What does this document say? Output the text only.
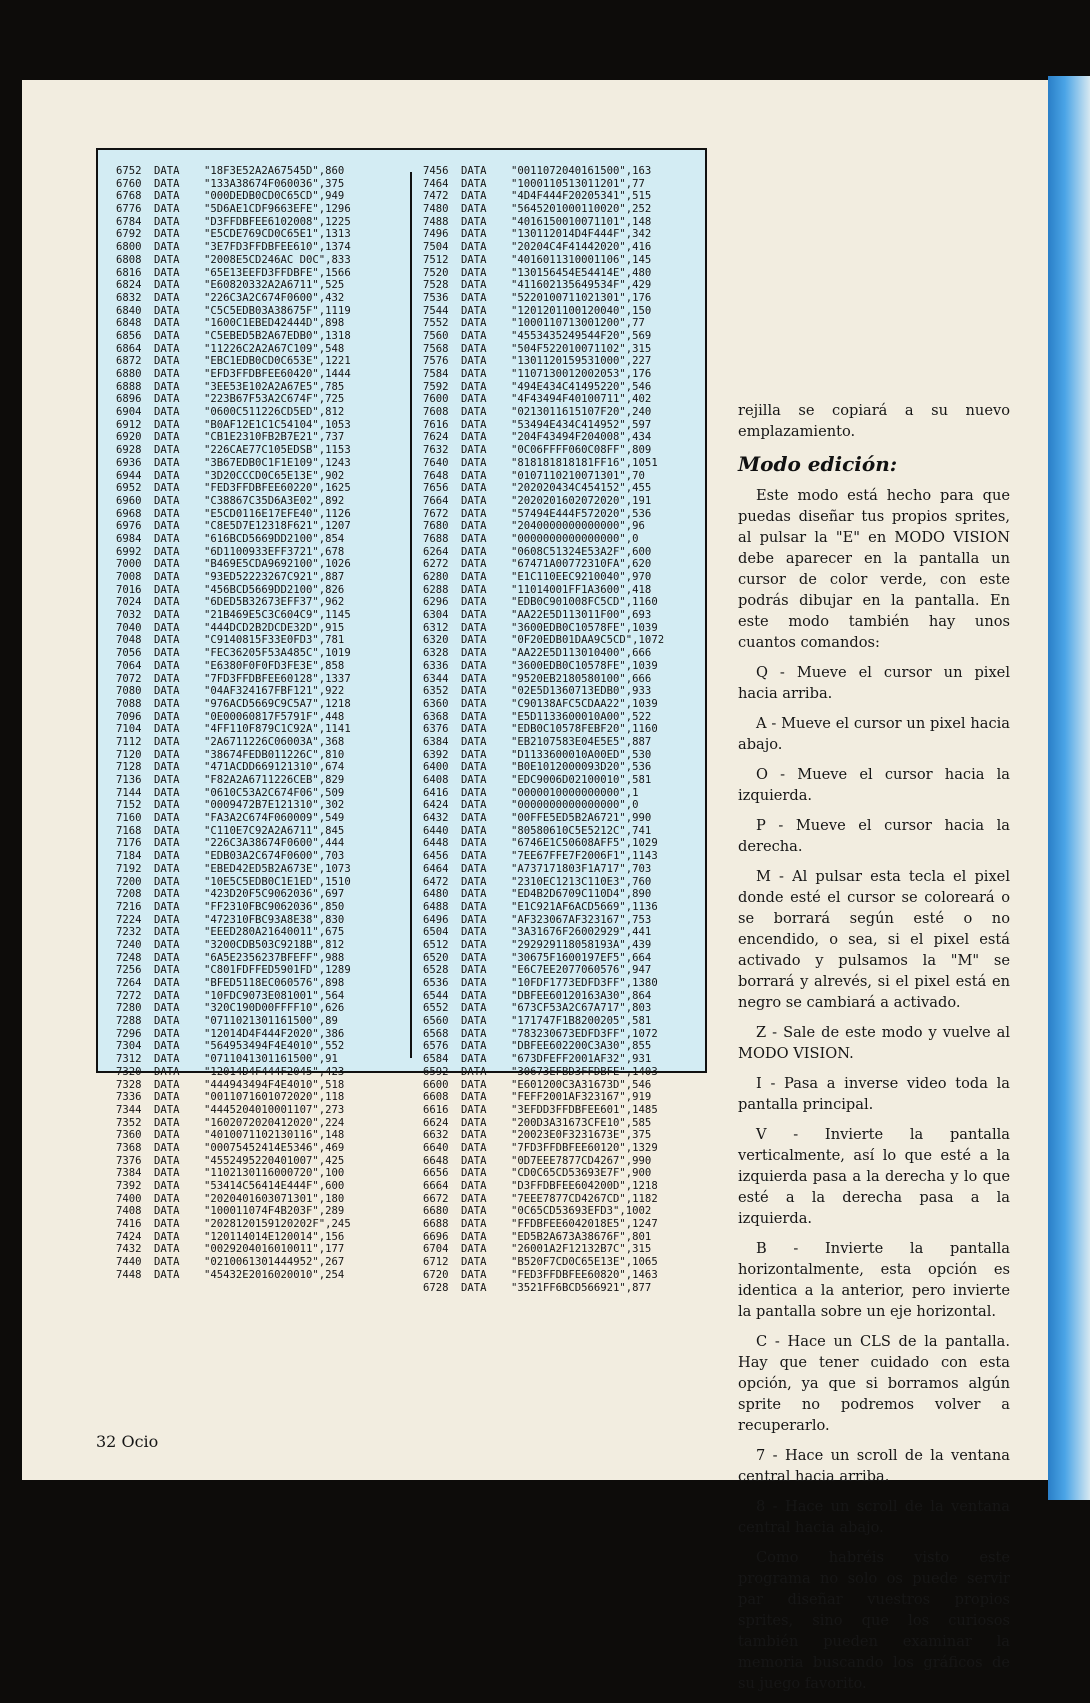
6752 DATA "18F3E52A2A67545D",860
6760 DATA "133A38674F060036",375
6768 DATA "000DEDB0CD0C65CD",949
6776 DATA "5D6AE1CDF9663EFE",1296
6784 DATA "D3FFDBFEE6102008",1225
6792 DATA "E5CDE769CD0C65E1",1313
6800 DATA "3E7FD3FFDBFEE610",1374
6808 DATA "2008E5CD246AC D0C",833
6816 DATA "65E13EEFD3FFDBFE",1566
6824 DATA "E60820332A2A6711",525
6832 DATA "226C3A2C674F0600",432
6840 DATA "C5C5EDB03A38675F",1119
6848 DATA "1600C1EBED42444D",898
6856 DATA "C5EBED5B2A67EDB0",1318
6864 DATA "11226C2A2A67C109",548
6872 DATA "EBC1EDB0CD0C653E",1221
6880 DATA "EFD3FFDBFEE60420",1444
6888 DATA "3EE53E102A2A67E5",785
6896 DATA "223B67F53A2C674F",725
6904 DATA "0600C511226CD5ED",812
6912 DATA "B0AF12E1C1C54104",1053
6920 DATA "CB1E2310FB2B7E21",737
6928 DATA "226CAE77C105EDSB",1153
6936 DATA "3B67EDB0C1F1E109",1243
6944 DATA "3D20CCCD0C65E13E",902
6952 DATA "FED3FFDBFEE60220",1625
6960 DATA "C38867C35D6A3E02",892
6968 DATA "E5CD0116E17EFE40",1126
6976 DATA "C8E5D7E12318F621",1207
6984 DATA "616BCD5669DD2100",854
6992 DATA "6D1100933EFF3721",678
7000 DATA "B469E5CDA9692100",1026
7008 DATA "93ED52223267C921",887
7016 DATA "456BCD5669DD2100",826
7024 DATA "6DED5B32673EFF37",962
7032 DATA "21B469E5C3C604C9",1145
7040 DATA "444DCD2B2DCDE32D",915
7048 DATA "C9140815F33E0FD3",781
7056 DATA "FEC36205F53A485C",1019
7064 DATA "E6380F0F0FD3FE3E",858
7072 DATA "7FD3FFDBFEE60128",1337
7080 DATA "04AF324167FBF121",922
7088 DATA "976ACD5669C9C5A7",1218
7096 DATA "0E00060817F5791F",448
7104 DATA "4FF110F879C1C92A",1141
7112 DATA "2A6711226C06003A",368
7120 DATA "38674FEDB011226C",810
7128 DATA "471ACDD669121310",674
7136 DATA "F82A2A6711226CEB",829
7144 DATA "0610C53A2C674F06",509
7152 DATA "0009472B7E121310",302
7160 DATA "FA3A2C674F060009",549
7168 DATA "C110E7C92A2A6711",845
7176 DATA "226C3A38674F0600",444
7184 DATA "EDB03A2C674F0600",703
7192 DATA "EBED42ED5B2A673E",1073
7200 DATA "10E5C5EDB0C1E1ED",1510
7208 DATA "423D20F5C9062036",697
7216 DATA "FF2310FBC9062036",850
7224 DATA "472310FBC93A8E38",830
7232 DATA "EEED280A21640011",675
7240 DATA "3200CDB503C9218B",812
7248 DATA "6A5E2356237BFEFF",988
7256 DATA "C801FDFFED5901FD",1289
7264 DATA "BFED5118EC060576",898
7272 DATA "10FDC9073E081001",564
7280 DATA "320C190D00FFFF10",626
7288 DATA "0711021301161500",89
7296 DATA "12014D4F444F2020",386
7304 DATA "564953494F4E4010",552
7312 DATA "0711041301161500",91
7320 DATA "12014D4F444F2045",423
7328 DATA "444943494F4E4010",518
7336 DATA "0011071601072020",118
7344 DATA "4445204010001107",273
7352 DATA "1602072020412020",224
7360 DATA "4010071102130116",148
7368 DATA "00075452414E5346",469
7376 DATA "4552495220401007",425
7384 DATA "1102130116000720",100
7392 DATA "53414C56414E444F",600
7400 DATA "2020401603071301",180
7408 DATA "100011074F4B203F",289
7416 DATA "2028120159120202F",245
7424 DATA "120114014E120014",156
7432 DATA "0029204016010011",177
7440 DATA "0210061301444952",267
7448 DATA "45432E2016020010",254
7456 DATA "0011072040161500",163
7464 DATA "1000110513011201",77
7472 DATA "4D4F444F20205341",515
7480 DATA "5645201000110020",252
7488 DATA "4016150010071101",148
7496 DATA "130112014D4F444F",342
7504 DATA "20204C4F41442020",416
7512 DATA "4016011310001106",145
7520 DATA "130156454E54414E",480
7528 DATA "411602135649534F",429
7536 DATA "5220100711021301",176
7544 DATA "1201201100120040",150
7552 DATA "1000110713001200",77
7560 DATA "4553435249544F20",569
7568 DATA "504F522010071102",315
7576 DATA "1301120159531000",227
7584 DATA "1107130012002053",176
7592 DATA "494E434C41495220",546
7600 DATA "4F43494F40100711",402
7608 DATA "0213011615107F20",240
7616 DATA "53494E434C414952",597
7624 DATA "204F43494F204008",434
7632 DATA "0C06FFFF060C08FF",809
7640 DATA "818181818181FF16",1051
7648 DATA "0107110210071301",70
7656 DATA "202020434C454152",455
7664 DATA "2020201602072020",191
7672 DATA "57494E444F572020",536
7680 DATA "2040000000000000",96
7688 DATA "0000000000000000",0
6264 DATA "0608C51324E53A2F",600
6272 DATA "67471A00772310FA",620
6280 DATA "E1C110EEC9210040",970
6288 DATA "11014001FF1A3600",418
6296 DATA "EDB0C901008FC5CD",1160
6304 DATA "AA22E5D113011F00",693
6312 DATA "3600EDB0C10578FE",1039
6320 DATA "0F20EDB01DAA9C5CD",1072
6328 DATA "AA22E5D113010400",666
6336 DATA "3600EDB0C10578FE",1039
6344 DATA "9520EB2180580100",666
6352 DATA "02E5D1360713EDB0",933
6360 DATA "C90138AFC5CDAA22",1039
6368 DATA "E5D1133600010A00",522
6376 DATA "EDB0C10578FEBF20",1160
6384 DATA "EB2107583E04E5E5",887
6392 DATA "D1133600010A00ED",530
6400 DATA "B0E1012000093D20",536
6408 DATA "EDC9006D02100010",581
6416 DATA "0000010000000000",1
6424 DATA "0000000000000000",0
6432 DATA "00FFE5ED5B2A6721",990
6440 DATA "80580610C5E5212C",741
6448 DATA "6746E1C50608AFF5",1029
6456 DATA "7EE67FFE7F2006F1",1143
6464 DATA "A737171803F1A717",703
6472 DATA "2310EC1213C110E3",760
6480 DATA "ED4B2D6709C110D4",890
6488 DATA "E1C921AF6ACD5669",1136
6496 DATA "AF323067AF323167",753
6504 DATA "3A31676F26002929",441
6512 DATA "292929118058193A",439
6520 DATA "30675F1600197EF5",664
6528 DATA "E6C7EE2077060576",947
6536 DATA "10FDF1773EDFD3FF",1380
6544 DATA "DBFEE60120163A30",864
6552 DATA "673CF53A2C67A717",803
6560 DATA "171747F1B8200205",581
6568 DATA "783230673EDFD3FF",1072
6576 DATA "DBFEE602200C3A30",855
6584 DATA "673DFEFF2001AF32",931
6592 DATA "30673EFBD3FFDBFE",1403
6600 DATA "E601200C3A31673D",546
6608 DATA "FEFF2001AF323167",919
6616 DATA "3EFDD3FFDBFEE601",1485
6624 DATA "200D3A31673CFE10",585
6632 DATA "20023E0F3231673E",375
6640 DATA "7FD3FFDBFEE60120",1329
6648 DATA "0D7EEE7877CD4267",990
6656 DATA "CD0C65CD53693E7F",900
6664 DATA "D3FFDBFEE604200D",1218
6672 DATA "7EEE7877CD4267CD",1182
6680 DATA "0C65CD53693EFD3",1002
6688 DATA "FFDBFEE6042018E5",1247
6696 DATA "ED5B2A673A38676F",801
6704 DATA "26001A2F12132B7C",315
6712 DATA "B520F7CD0C65E13E",1065
6720 DATA "FED3FFDBFEE60820",1463
6728 DATA "3521FF6BCD566921",877

rejilla se copiará a su nuevo emplazamiento.

Modo edición:

Este modo está hecho para que puedas diseñar tus propios sprites, al pulsar la "E" en MODO VISION debe aparecer en la pantalla un cursor de color verde, con este podrás dibujar en la pantalla. En este modo también hay unos cuantos comandos:

Q - Mueve el cursor un pixel hacia arriba.

A - Mueve el cursor un pixel hacia abajo.

O - Mueve el cursor hacia la izquierda.

P - Mueve el cursor hacia la derecha.

M - Al pulsar esta tecla el pixel donde esté el cursor se coloreará o se borrará según esté o no encendido, o sea, si el pixel está activado y pulsamos la "M" se borrará y alrevés, si el pixel está en negro se cambiará a activado.

Z - Sale de este modo y vuelve al MODO VISION.

I - Pasa a inverse video toda la pantalla principal.

V - Invierte la pantalla verticalmente, así lo que esté a la izquierda pasa a la derecha y lo que esté a la derecha pasa a la izquierda.

B - Invierte la pantalla horizontalmente, esta opción es identica a la anterior, pero invierte la pantalla sobre un eje horizontal.

C - Hace un CLS de la pantalla. Hay que tener cuidado con esta opción, ya que si borramos algún sprite no podremos volver a recuperarlo.

7 - Hace un scroll de la ventana central hacia arriba.

8 - Hace un scroll de la ventana central hacia abajo.

Como habréis visto este programa no solo os puede servir par diseñar vuestros propios sprites, sino que los curiosos también pueden examinar la memoria buscando los gráficos de su juego favorito.

32 Ocio
